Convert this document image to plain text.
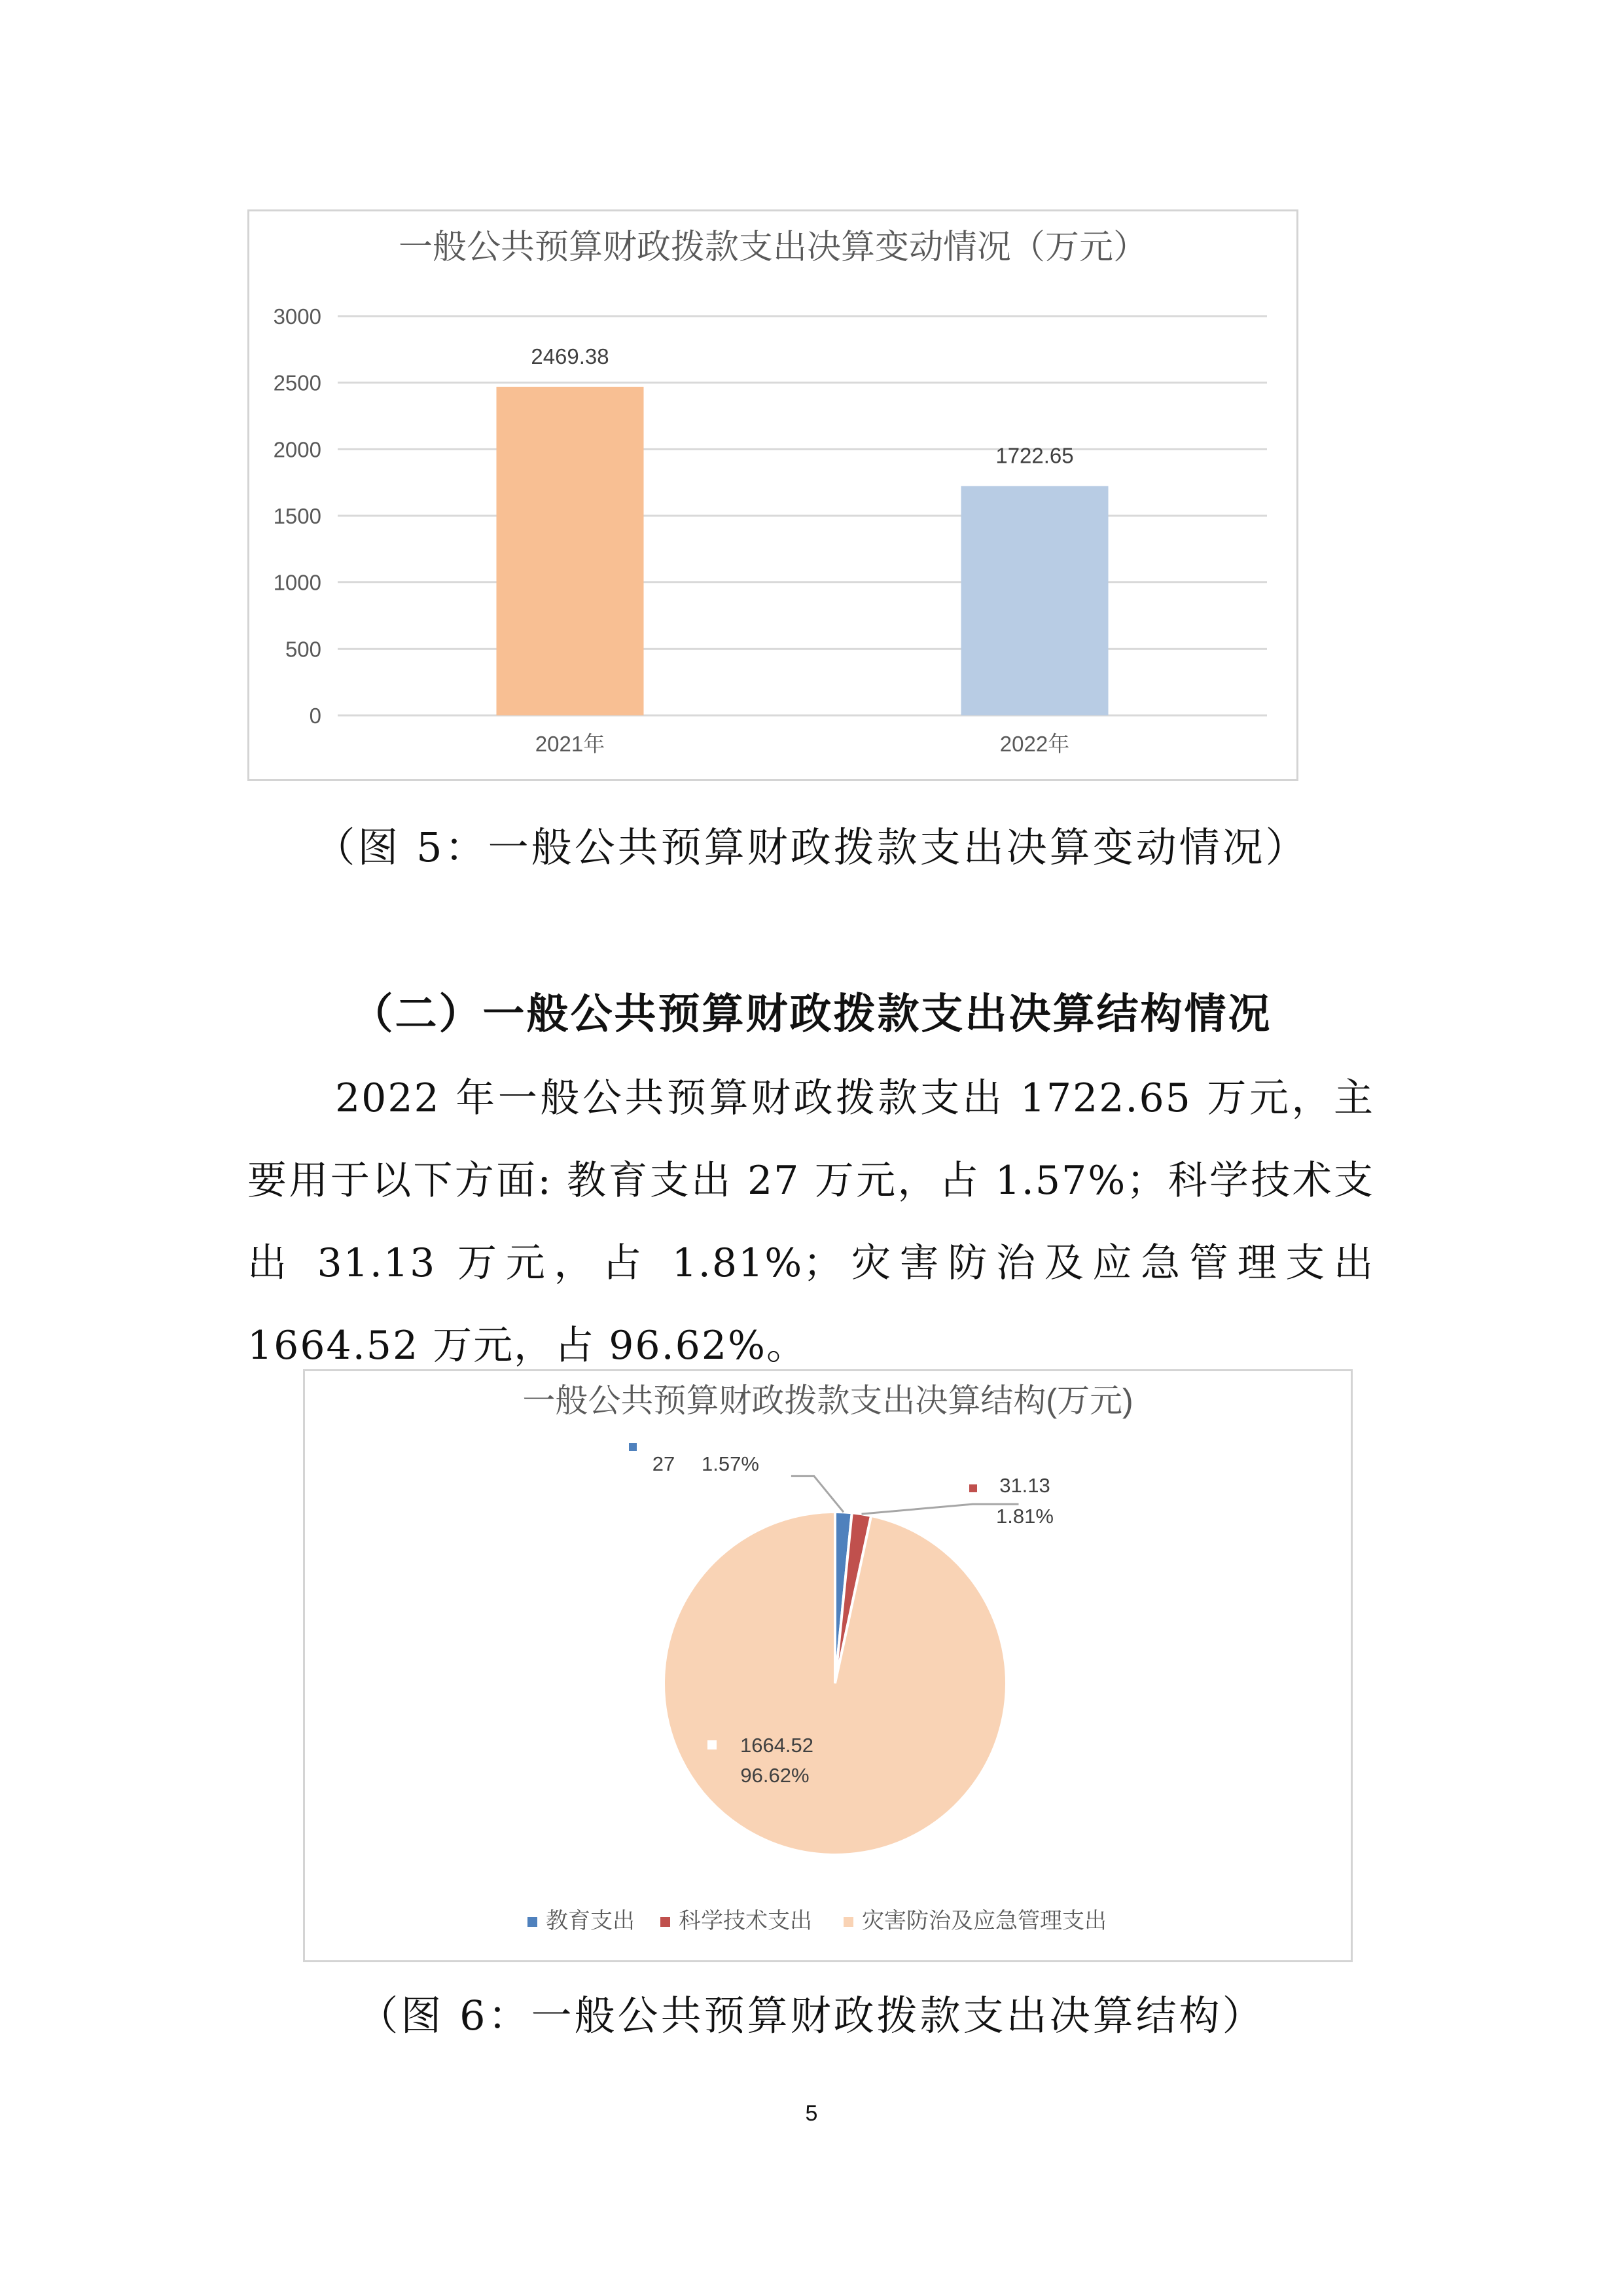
一般公共预算财政拨款支出决算变动情况（万元）
0
500
1000
1500
2000
2500
3000
2469.38
2021年
1722.65
2022年
（图 5：一般公共预算财政拨款支出决算变动情况）
（二）一般公共预算财政拨款支出决算结构情况
2022 年一般公共预算财政拨款支出 1722.65 万元，主要用于以下方面: 教育支出 27 万元，占 1.57%；科学技术支出 31.13 万元，占 1.81%；灾害防治及应急管理支出 1664.52 万元，占 96.62%。
一般公共预算财政拨款支出决算结构(万元)
27 1.57%
31.13
1.81%
1664.52
96.62%
教育支出 科学技术支出 灾害防治及应急管理支出
（图 6：一般公共预算财政拨款支出决算结构）
5
